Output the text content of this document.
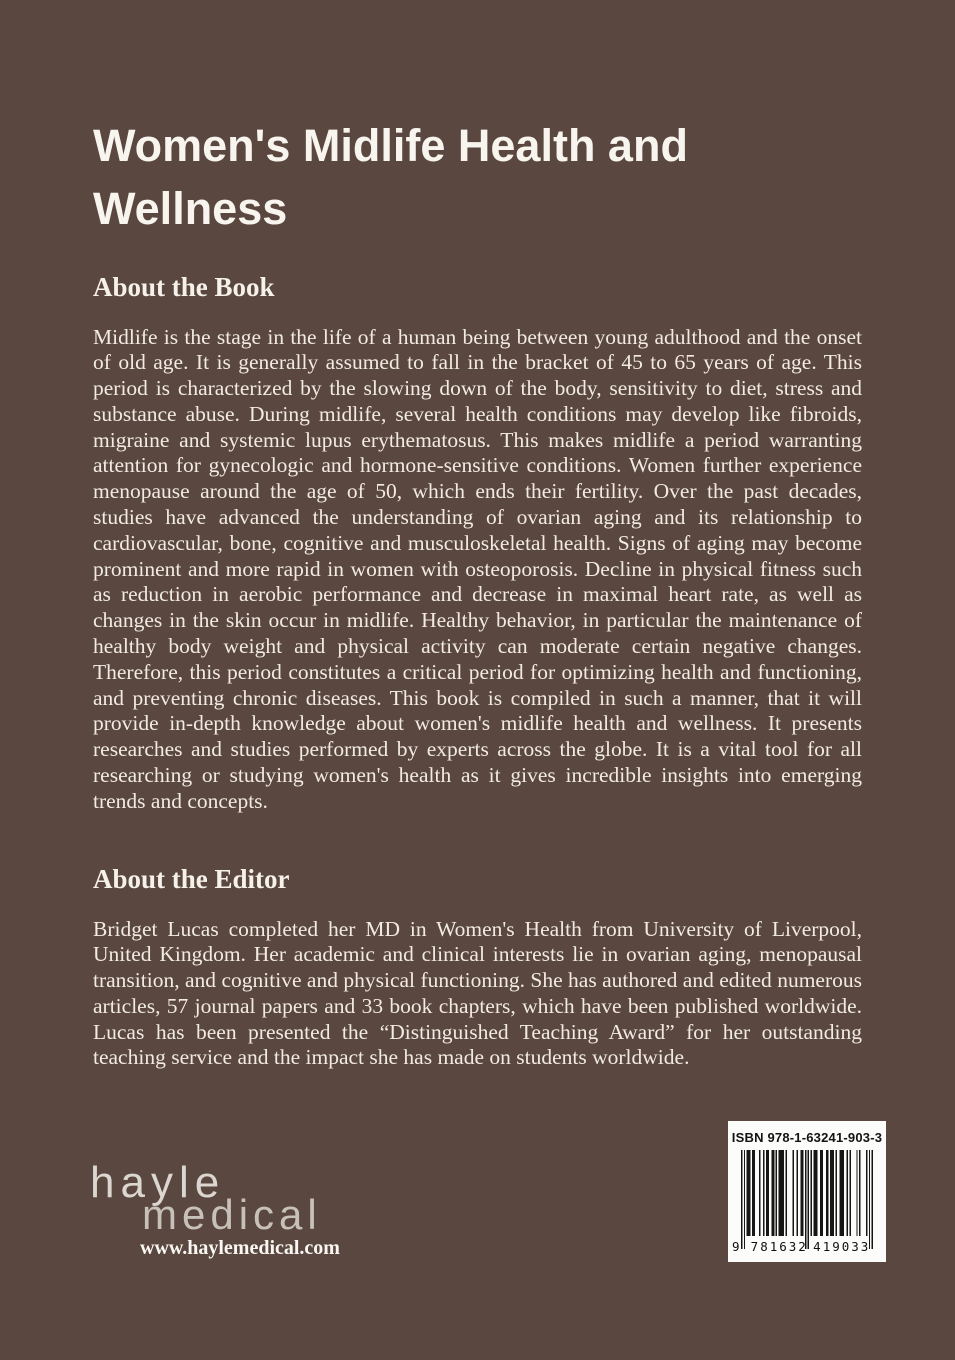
Women's Midlife Health and Wellness
About the Book

Midlife is the stage in the life of a human being between young adulthood and the onset of old age. It is generally assumed to fall in the bracket of 45 to 65 years of age. This period is characterized by the slowing down of the body, sensitivity to diet, stress and substance abuse. During midlife, several health conditions may develop like fibroids, migraine and systemic lupus erythematosus. This makes midlife a period warranting attention for gynecologic and hormone-sensitive conditions. Women further experience menopause around the age of 50, which ends their fertility. Over the past decades, studies have advanced the understanding of ovarian aging and its relationship to cardiovascular, bone, cognitive and musculoskeletal health. Signs of aging may become prominent and more rapid in women with osteoporosis. Decline in physical fitness such as reduction in aerobic performance and decrease in maximal heart rate, as well as changes in the skin occur in midlife. Healthy behavior, in particular the maintenance of healthy body weight and physical activity can moderate certain negative changes. Therefore, this period constitutes a critical period for optimizing health and functioning, and preventing chronic diseases. This book is compiled in such a manner, that it will provide in-depth knowledge about women's midlife health and wellness. It presents researches and studies performed by experts across the globe. It is a vital tool for all researching or studying women's health as it gives incredible insights into emerging trends and concepts.

About the Editor

Bridget Lucas completed her MD in Women's Health from University of Liverpool, United Kingdom. Her academic and clinical interests lie in ovarian aging, menopausal transition, and cognitive and physical functioning. She has authored and edited numerous articles, 57 journal papers and 33 book chapters, which have been published worldwide. Lucas has been presented the “Distinguished Teaching Award” for her outstanding teaching service and the impact she has made on students worldwide.

hayle
medical
www.haylemedical.com
ISBN 978-1-63241-903-3
9 781632 419033
